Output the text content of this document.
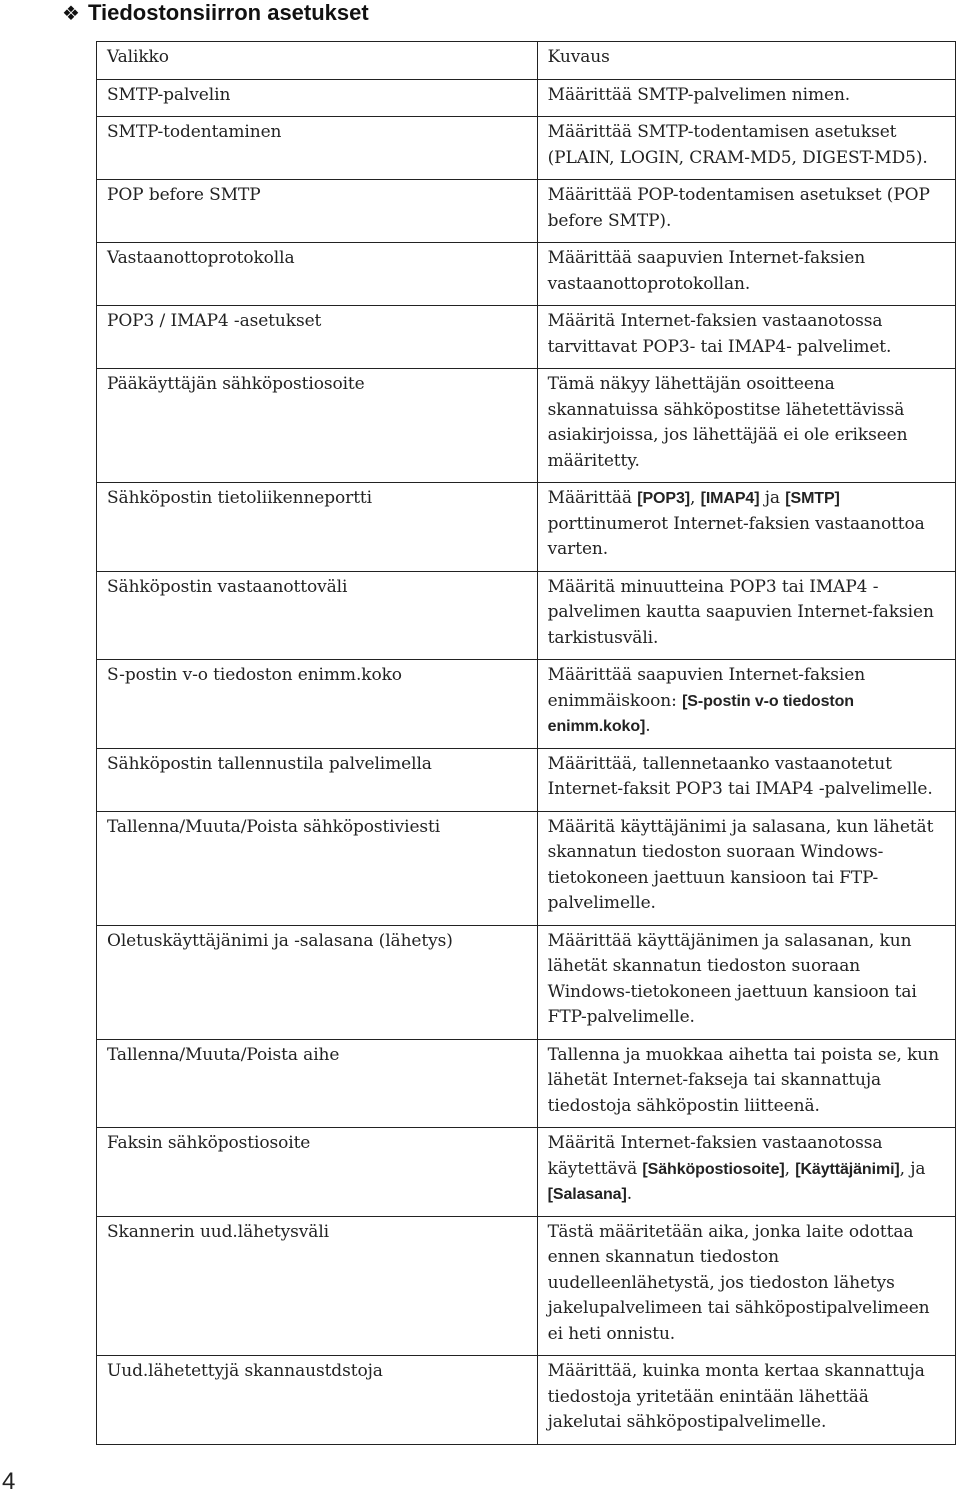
❖ Tiedostonsiirron asetukset
Valikko	Kuvaus
SMTP-palvelin	Määrittää SMTP-palvelimen nimen.
SMTP-todentaminen	Määrittää SMTP-todentamisen asetukset (PLAIN, LOGIN, CRAM-MD5, DIGEST-MD5).
POP before SMTP	Määrittää POP-todentamisen asetukset (POP before SMTP).
Vastaanottoprotokolla	Määrittää saapuvien Internet-faksien vastaanottoprotokollan.
POP3 / IMAP4 -asetukset	Määritä Internet-faksien vastaanotossa tarvittavat POP3- tai IMAP4- palvelimet.
Pääkäyttäjän sähköpostiosoite	Tämä näkyy lähettäjän osoitteena skannatuissa sähköpostitse lähetettävissä asiakirjoissa, jos lähettäjää ei ole erikseen määritetty.
Sähköpostin tietoliikenneportti	Määrittää [POP3], [IMAP4] ja [SMTP] porttinumerot Internet-faksien vastaanottoa varten.
Sähköpostin vastaanottoväli	Määritä minuutteina POP3 tai IMAP4 -palvelimen kautta saapuvien Internet-faksien tarkistusväli.
S-postin v-o tiedoston enimm.koko	Määrittää saapuvien Internet-faksien enimmäiskoon: [S-postin v-o tiedoston enimm.koko].
Sähköpostin tallennustila palvelimella	Määrittää, tallennetaanko vastaanotetut Internet-faksit POP3 tai IMAP4 -palvelimelle.
Tallenna/Muuta/Poista sähköpostiviesti	Määritä käyttäjänimi ja salasana, kun lähetät skannatun tiedoston suoraan Windows-tietokoneen jaettuun kansioon tai FTP-palvelimelle.
Oletuskäyttäjänimi ja -salasana (lähetys)	Määrittää käyttäjänimen ja salasanan, kun lähetät skannatun tiedoston suoraan Windows-tietokoneen jaettuun kansioon tai FTP-palvelimelle.
Tallenna/Muuta/Poista aihe	Tallenna ja muokkaa aihetta tai poista se, kun lähetät Internet-fakseja tai skannattuja tiedostoja sähköpostin liitteenä.
Faksin sähköpostiosoite	Määritä Internet-faksien vastaanotossa käytettävä [Sähköpostiosoite], [Käyttäjänimi], ja [Salasana].
Skannerin uud.lähetysväli	Tästä määritetään aika, jonka laite odottaa ennen skannatun tiedoston uudelleenlähetystä, jos tiedoston lähetys jakelupalvelimeen tai sähköpostipalvelimeen ei heti onnistu.
Uud.lähetettyjä skannaustdstoja	Määrittää, kuinka monta kertaa skannattuja tiedostoja yritetään enintään lähettää jakelutai sähköpostipalvelimelle.
4
